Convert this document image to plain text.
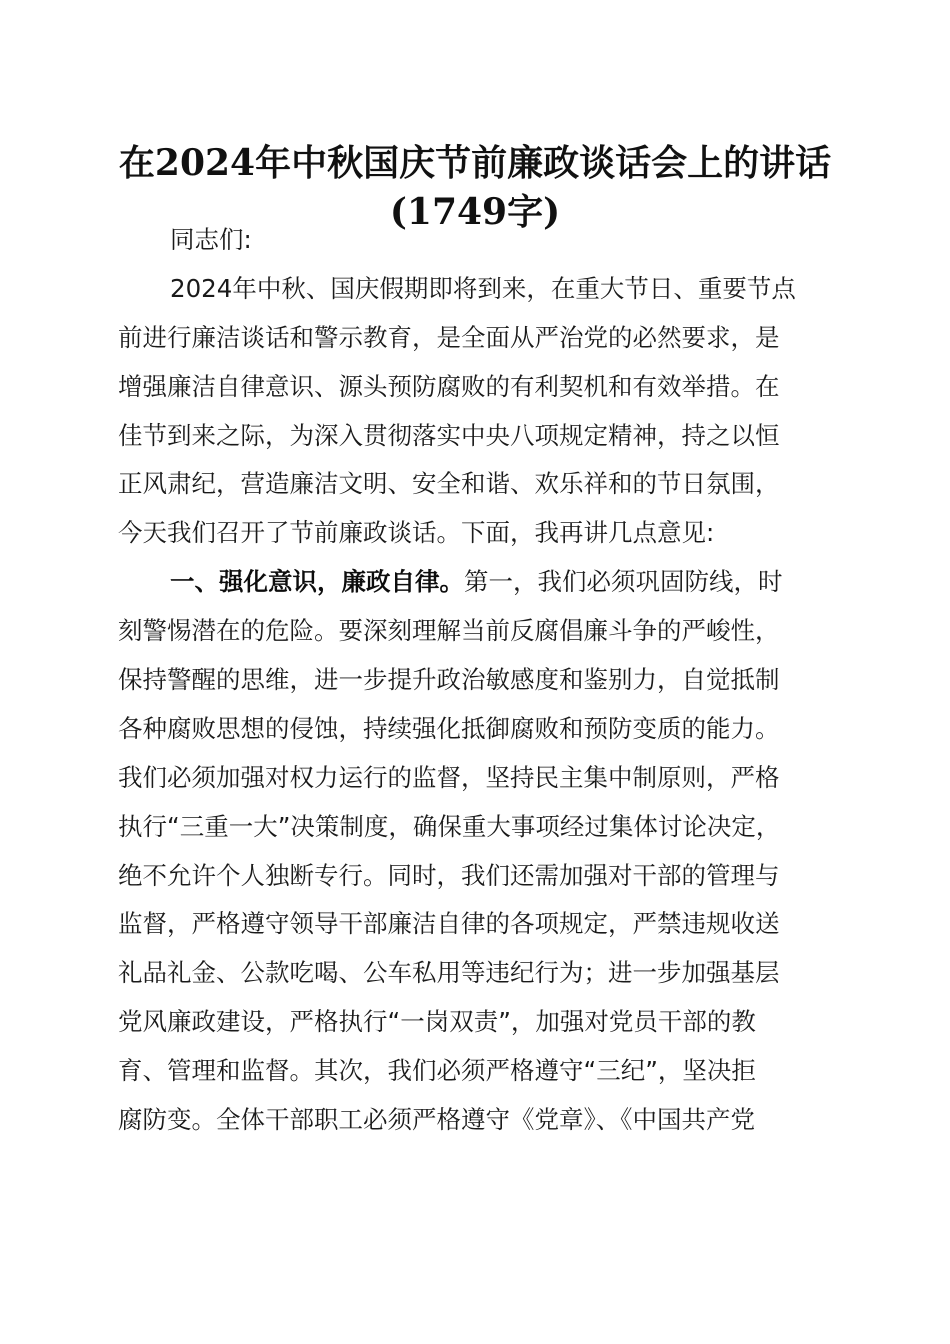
在2024年中秋国庆节前廉政谈话会上的讲话
(1749字)
同志们:
2024年中秋、国庆假期即将到来，在重大节日、重要节点
前进行廉洁谈话和警示教育，是全面从严治党的必然要求，是
增强廉洁自律意识、源头预防腐败的有利契机和有效举措。在
佳节到来之际，为深入贯彻落实中央八项规定精神，持之以恒
正风肃纪，营造廉洁文明、安全和谐、欢乐祥和的节日氛围，
今天我们召开了节前廉政谈话。下面，我再讲几点意见:
一、强化意识，廉政自律。第一，我们必须巩固防线，时
刻警惕潜在的危险。要深刻理解当前反腐倡廉斗争的严峻性，
保持警醒的思维，进一步提升政治敏感度和鉴别力，自觉抵制
各种腐败思想的侵蚀，持续强化抵御腐败和预防变质的能力。
我们必须加强对权力运行的监督，坚持民主集中制原则，严格
执行“三重一大”决策制度，确保重大事项经过集体讨论决定，
绝不允许个人独断专行。同时，我们还需加强对干部的管理与
监督，严格遵守领导干部廉洁自律的各项规定，严禁违规收送
礼品礼金、公款吃喝、公车私用等违纪行为；进一步加强基层
党风廉政建设，严格执行“一岗双责”，加强对党员干部的教
育、管理和监督。其次，我们必须严格遵守“三纪”，坚决拒
腐防变。全体干部职工必须严格遵守《党章》、《中国共产党
